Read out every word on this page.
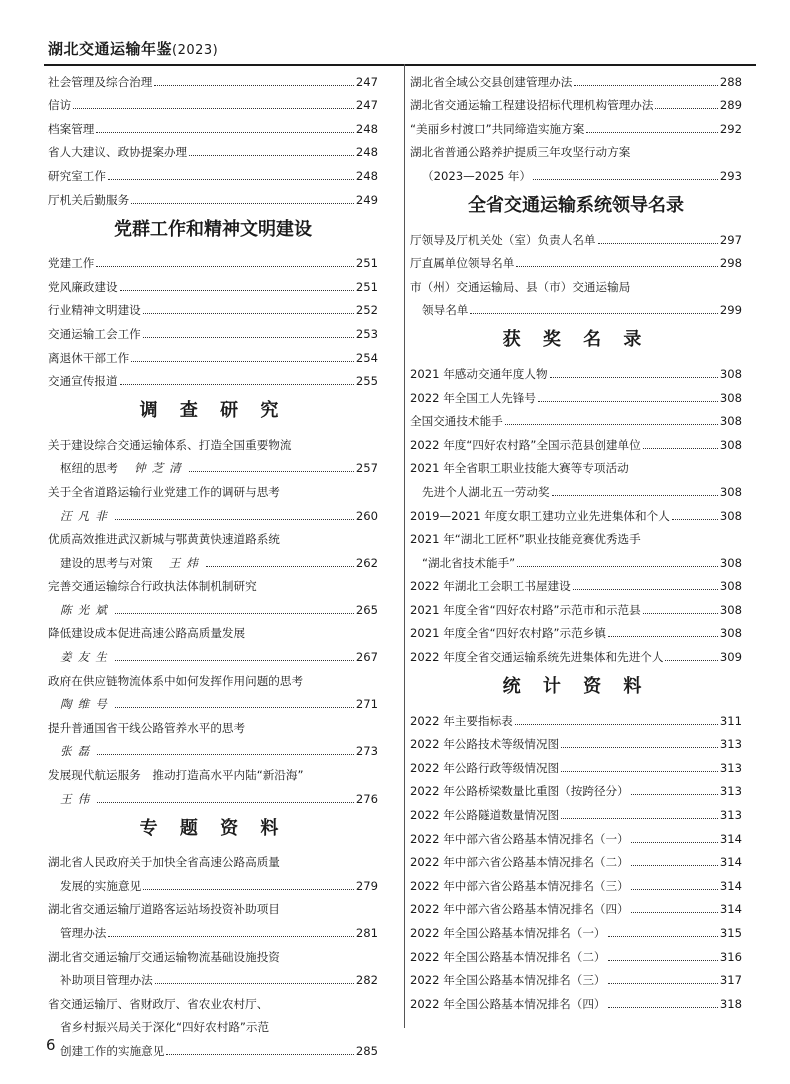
湖北交通运输年鉴(2023)
社会管理及综合治理	247
信访	247
档案管理	248
省人大建议、政协提案办理	248
研究室工作	248
厅机关后勤服务	249
党群工作和精神文明建设
党建工作	251
党风廉政建设	251
行业精神文明建设	252
交通运输工会工作	253
离退休干部工作	254
交通宣传报道	255
调 查 研 究
关于建设综合交通运输体系、打造全国重要物流
枢纽的思考 钟芝清	257
关于全省道路运输行业党建工作的调研与思考
汪凡非	260
优质高效推进武汉新城与鄂黄黄快速道路系统
建设的思考与对策 王炜	262
完善交通运输综合行政执法体制机制研究
陈光斌	265
降低建设成本促进高速公路高质量发展
姜友生	267
政府在供应链物流体系中如何发挥作用问题的思考
陶维号	271
提升普通国省干线公路管养水平的思考
张磊	273
发展现代航运服务　推动打造高水平内陆“新沿海”
王伟	276
专 题 资 料
湖北省人民政府关于加快全省高速公路高质量
发展的实施意见	279
湖北省交通运输厅道路客运站场投资补助项目
管理办法	281
湖北省交通运输厅交通运输物流基础设施投资
补助项目管理办法	282
省交通运输厅、省财政厅、省农业农村厅、
省乡村振兴局关于深化“四好农村路”示范
创建工作的实施意见	285
湖北省全域公交县创建管理办法	288
湖北省交通运输工程建设招标代理机构管理办法	289
“美丽乡村渡口”共同缔造实施方案	292
湖北省普通公路养护提质三年攻坚行动方案
（2023—2025 年）	293
全省交通运输系统领导名录
厅领导及厅机关处（室）负责人名单	297
厅直属单位领导名单	298
市（州）交通运输局、县（市）交通运输局
领导名单	299
获 奖 名 录
2021 年感动交通年度人物	308
2022 年全国工人先锋号	308
全国交通技术能手	308
2022 年度“四好农村路”全国示范县创建单位	308
2021 年全省职工职业技能大赛等专项活动
先进个人湖北五一劳动奖	308
2019—2021 年度女职工建功立业先进集体和个人	308
2021 年“湖北工匠杯”职业技能竞赛优秀选手
“湖北省技术能手”	308
2022 年湖北工会职工书屋建设	308
2021 年度全省“四好农村路”示范市和示范县	308
2021 年度全省“四好农村路”示范乡镇	308
2022 年度全省交通运输系统先进集体和先进个人	309
统 计 资 料
2022 年主要指标表	311
2022 年公路技术等级情况图	313
2022 年公路行政等级情况图	313
2022 年公路桥梁数量比重图（按跨径分）	313
2022 年公路隧道数量情况图	313
2022 年中部六省公路基本情况排名（一）	314
2022 年中部六省公路基本情况排名（二）	314
2022 年中部六省公路基本情况排名（三）	314
2022 年中部六省公路基本情况排名（四）	314
2022 年全国公路基本情况排名（一）	315
2022 年全国公路基本情况排名（二）	316
2022 年全国公路基本情况排名（三）	317
2022 年全国公路基本情况排名（四）	318
6
